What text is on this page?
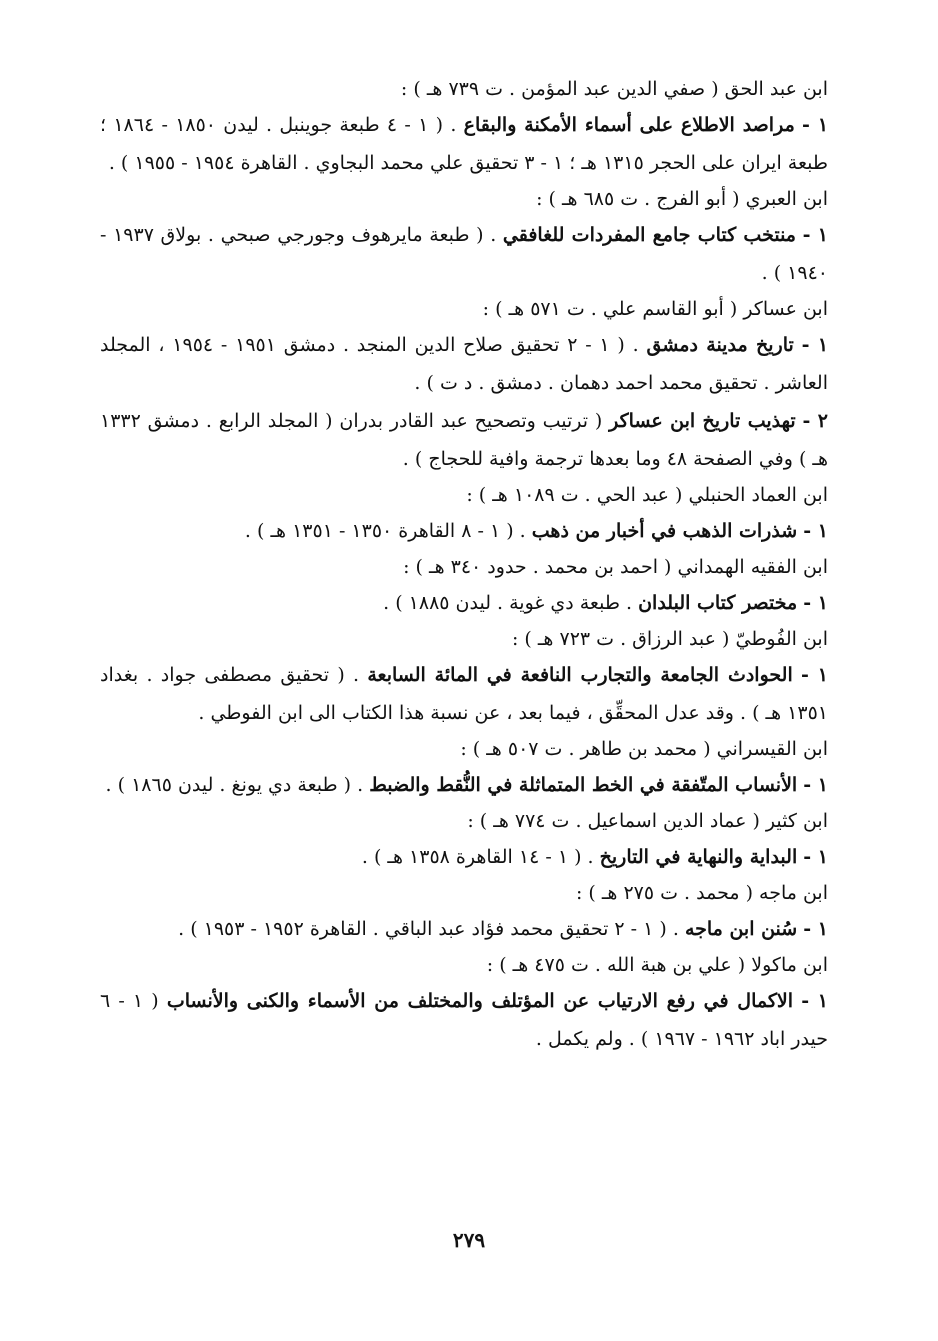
ابن عبد الحق ( صفي الدين عبد المؤمن . ت ٧٣٩ هـ ) :
١ - مراصد الاطلاع على أسماء الأمكنة والبقاع . ( ١ - ٤ طبعة جوينبل . ليدن ١٨٥٠ - ١٨٦٤ ؛ طبعة ايران على الحجر ١٣١٥ هـ ؛ ١ - ٣ تحقيق علي محمد البجاوي . القاهرة ١٩٥٤ - ١٩٥٥ ) .
ابن العبري ( أبو الفرج . ت ٦٨٥ هـ ) :
١ - منتخب كتاب جامع المفردات للغافقي . ( طبعة مايرهوف وجورجي صبحي . بولاق ١٩٣٧ - ١٩٤٠ ) .
ابن عساكر ( أبو القاسم علي . ت ٥٧١ هـ ) :
١ - تاريخ مدينة دمشق . ( ١ - ٢ تحقيق صلاح الدين المنجد . دمشق ١٩٥١ - ١٩٥٤ ، المجلد العاشر . تحقيق محمد احمد دهمان . دمشق . د ت ) .
٢ - تهذيب تاريخ ابن عساكر ( ترتيب وتصحيح عبد القادر بدران ( المجلد الرابع . دمشق ١٣٣٢ هـ ) وفي الصفحة ٤٨ وما بعدها ترجمة وافية للحجاج ) .
ابن العماد الحنبلي ( عبد الحي . ت ١٠٨٩ هـ ) :
١ - شذرات الذهب في أخبار من ذهب . ( ١ - ٨ القاهرة ١٣٥٠ - ١٣٥١ هـ ) .
ابن الفقيه الهمداني ( احمد بن محمد . حدود ٣٤٠ هـ ) :
١ - مختصر كتاب البلدان . طبعة دي غوية . ليدن ١٨٨٥ ) .
ابن الفُوطيّ ( عبد الرزاق . ت ٧٢٣ هـ ) :
١ - الحوادث الجامعة والتجارب النافعة في المائة السابعة . ( تحقيق مصطفى جواد . بغداد ١٣٥١ هـ ) . وقد عدل المحقِّق ، فيما بعد ، عن نسبة هذا الكتاب الى ابن الفوطي .
ابن القيسراني ( محمد بن طاهر . ت ٥٠٧ هـ ) :
١ - الأنساب المتّفقة في الخط المتماثلة في النُّقط والضبط . ( طبعة دي يونغ . ليدن ١٨٦٥ ) .
ابن كثير ( عماد الدين اسماعيل . ت ٧٧٤ هـ ) :
١ - البداية والنهاية في التاريخ . ( ١ - ١٤ القاهرة ١٣٥٨ هـ ) .
ابن ماجه ( محمد . ت ٢٧٥ هـ ) :
١ - سُنن ابن ماجه . ( ١ - ٢ تحقيق محمد فؤاد عبد الباقي . القاهرة ١٩٥٢ - ١٩٥٣ ) .
ابن ماكولا ( علي بن هبة الله . ت ٤٧٥ هـ ) :
١ - الاكمال في رفع الارتياب عن المؤتلف والمختلف من الأسماء والكنى والأنساب ( ١ - ٦ حيدر اباد ١٩٦٢ - ١٩٦٧ ) . ولم يكمل .
٢٧٩
